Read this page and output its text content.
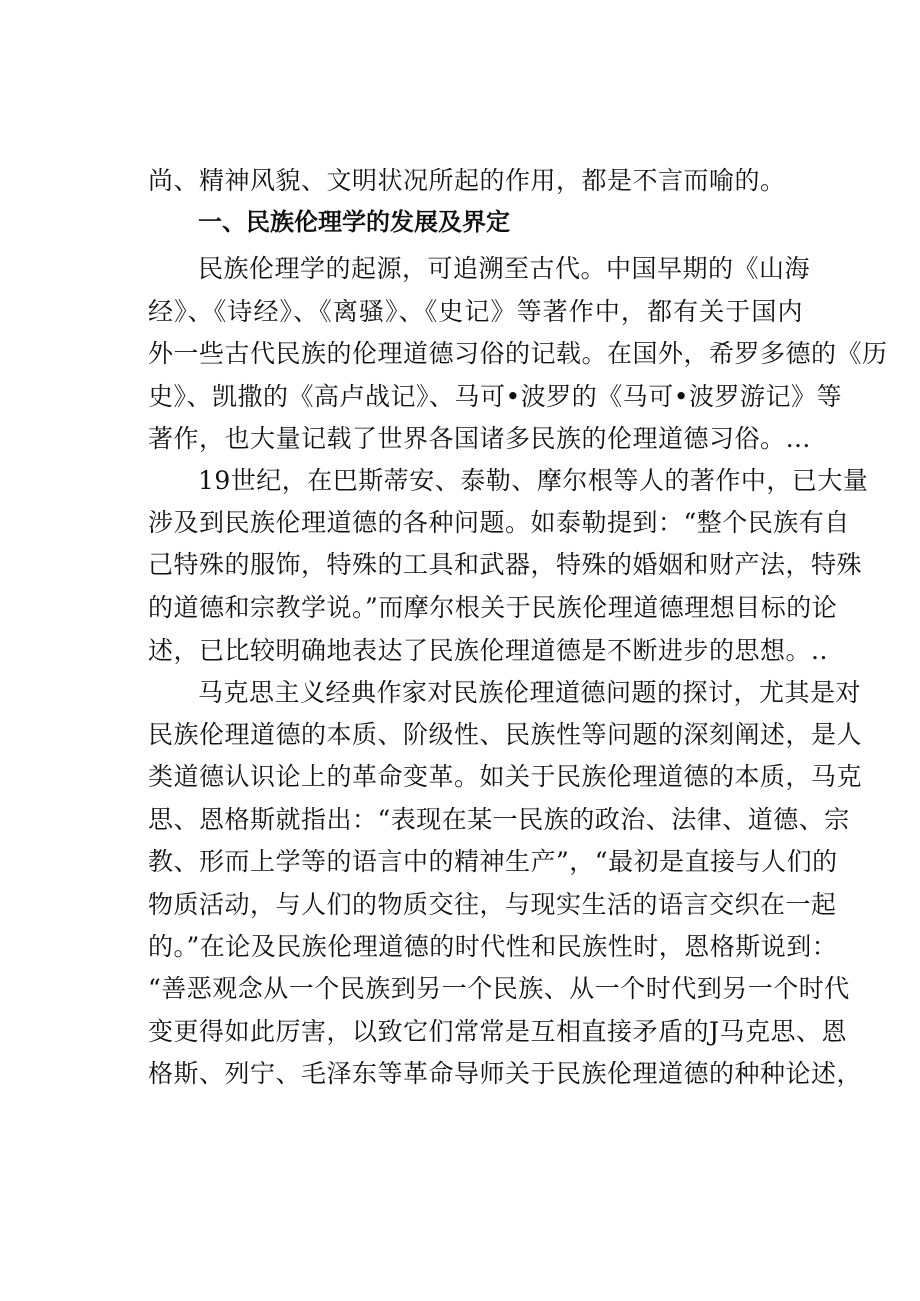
尚、精神风貌、文明状况所起的作用，都是不言而喻的。
一、民族伦理学的发展及界定
民族伦理学的起源，可追溯至古代。中国早期的《山海
经》、《诗经》、《离骚》、《史记》等著作中，都有关于国内
外一些古代民族的伦理道德习俗的记载。在国外，希罗多德的《历
史》、凯撒的《高卢战记》、马可•波罗的《马可•波罗游记》等
著作，也大量记载了世界各国诸多民族的伦理道德习俗。…
19世纪，在巴斯蒂安、泰勒、摩尔根等人的著作中，已大量
涉及到民族伦理道德的各种问题。如泰勒提到：“整个民族有自
己特殊的服饰，特殊的工具和武器，特殊的婚姻和财产法，特殊
的道德和宗教学说。”而摩尔根关于民族伦理道德理想目标的论
述，已比较明确地表达了民族伦理道德是不断进步的思想。..
马克思主义经典作家对民族伦理道德问题的探讨，尤其是对
民族伦理道德的本质、阶级性、民族性等问题的深刻阐述，是人
类道德认识论上的革命变革。如关于民族伦理道德的本质，马克
思、恩格斯就指出：“表现在某一民族的政治、法律、道德、宗
教、形而上学等的语言中的精神生产”，“最初是直接与人们的
物质活动，与人们的物质交往，与现实生活的语言交织在一起
的。”在论及民族伦理道德的时代性和民族性时，恩格斯说到：
“善恶观念从一个民族到另一个民族、从一个时代到另一个时代
变更得如此厉害，以致它们常常是互相直接矛盾的J马克思、恩
格斯、列宁、毛泽东等革命导师关于民族伦理道德的种种论述，
